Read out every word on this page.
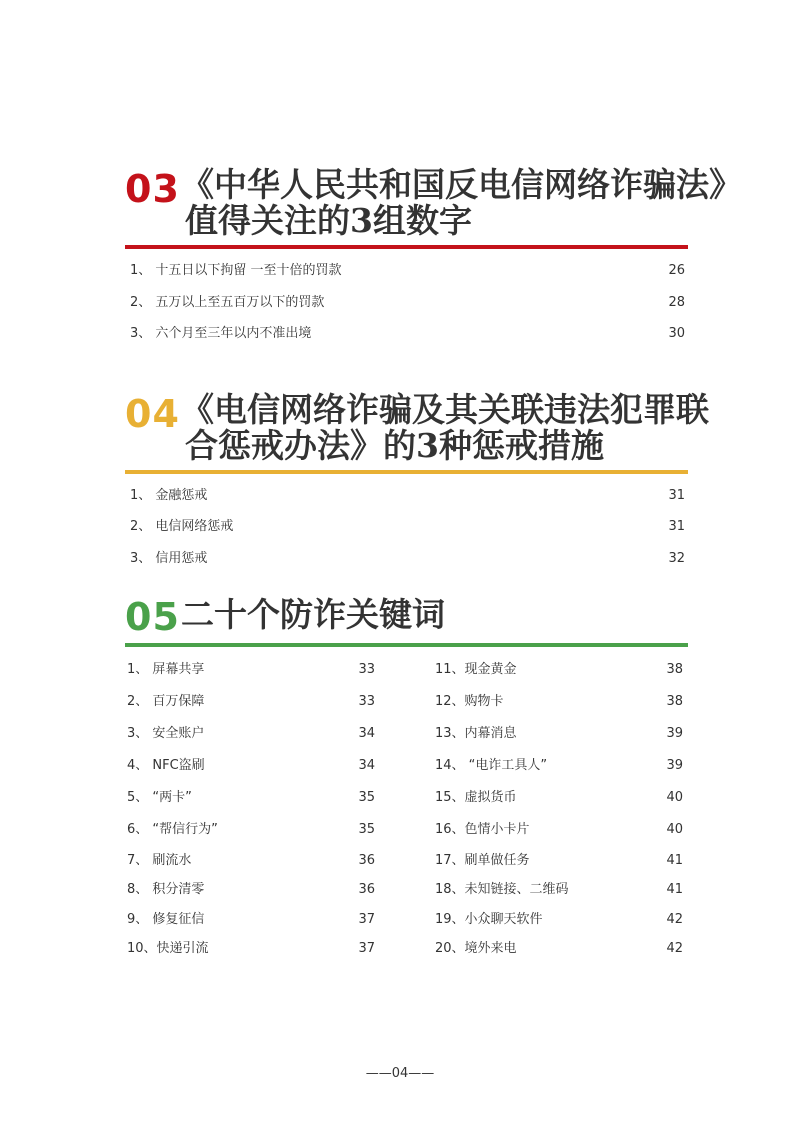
03 《中华人民共和国反电信网络诈骗法》
值得关注的3组数字
1、 十五日以下拘留 一至十倍的罚款	26
2、 五万以上至五百万以下的罚款	28
3、 六个月至三年以内不准出境	30
04 《电信网络诈骗及其关联违法犯罪联
合惩戒办法》的3种惩戒措施
1、 金融惩戒	31
2、 电信网络惩戒	31
3、 信用惩戒	32
05 二十个防诈关键词
1、 屏幕共享	33	11、现金黄金	38
2、 百万保障	33	12、购物卡	38
3、 安全账户	34	13、内幕消息	39
4、 NFC盗刷	34	14、 “电诈工具人”	39
5、 “两卡”	35	15、虚拟货币	40
6、 “帮信行为”	35	16、色情小卡片	40
7、 刷流水	36	17、刷单做任务	41
8、 积分清零	36	18、未知链接、二维码	41
9、 修复征信	37	19、小众聊天软件	42
10、快递引流	37	20、境外来电	42
——04——
